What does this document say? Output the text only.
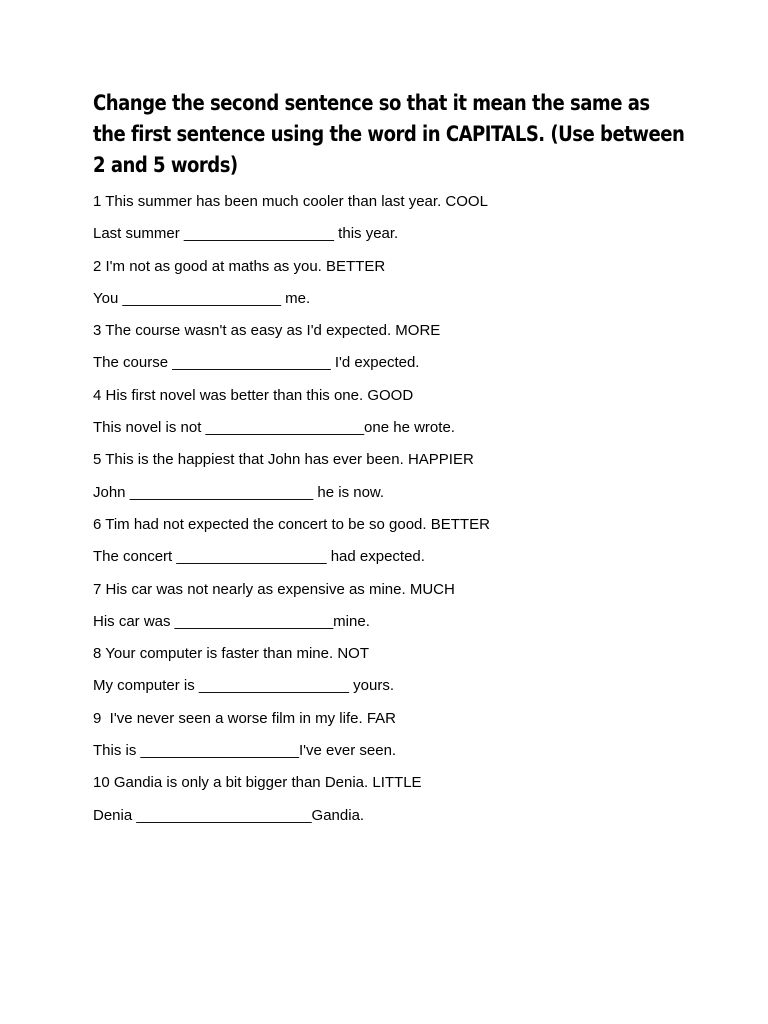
Change the second sentence so that it mean the same as the first sentence using the word in CAPITALS. (Use between 2 and 5 words)
1 This summer has been much cooler than last year.
COOL
Last summer __________________ this year.
2 I'm not as good at maths as you.
BETTER
You ___________________ me.
3 The course wasn't as easy as I'd expected.
MORE
The course ___________________ I'd expected.
4 His first novel was better than this one.
GOOD
This novel is not ___________________one he wrote.
5 This is the happiest that John has ever been.
HAPPIER
John ______________________ he is now.
6 Tim had not expected the concert to be so good.
BETTER
The concert __________________ had expected.
7 His car was not nearly as expensive as mine.
MUCH
His car was ___________________mine.
8 Your computer is faster than mine.
NOT
My computer is __________________ yours.
9  I've never seen a worse film in my life.
FAR
This is ___________________I've ever seen.
10 Gandia is only a bit bigger than Denia.
LITTLE
Denia _____________________Gandia.
